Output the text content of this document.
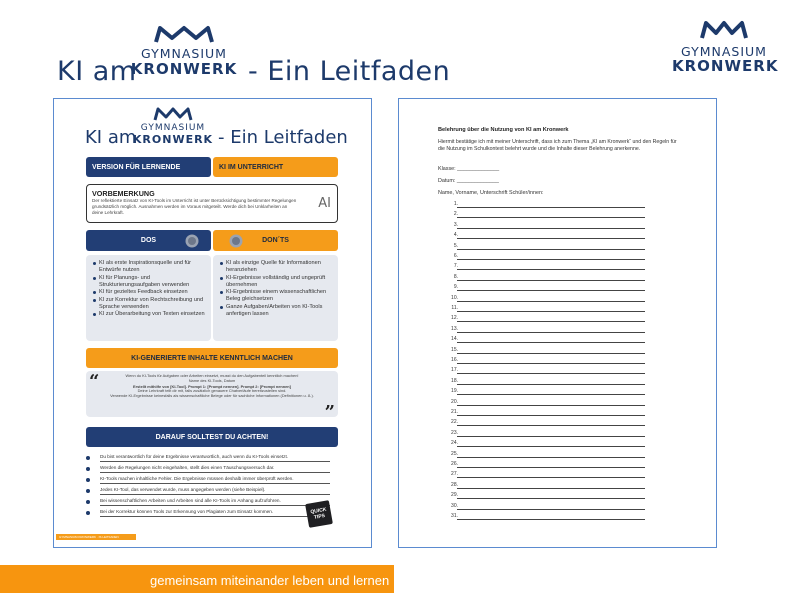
KI am
GYMNASIUM
KRONWERK - Ein Leitfaden
GYMNASIUM
KRONWERK
KI am GYMNASIUM
KRONWERK - Ein Leitfaden
VERSION FÜR LERNENDE	KI IM UNTERRICHT
VORBEMERKUNG
Der reflektierte Einsatz von KI-Tools im Unterricht ist unter Berücksichtigung bestimmter Regelungen grundsätzlich möglich. Ausnahmen werden im Voraus mitgeteilt. Werde dich bei Unklarheiten an deine Lehrkraft.
AI
DOS	DON´TS
KI als erste Inspirationsquelle und für Entwürfe nutzen
KI für Planungs- und Strukturierungsaufgaben verwenden
KI für gezieltes Feedback einsetzen
KI zur Korrektur von Rechtschreibung und Sprache verwenden
KI zur Überarbeitung von Texten einsetzen
KI als einzige Quelle für Informationen heranziehen
KI-Ergebnisse vollständig und ungeprüft übernehmen
KI-Ergebnisse einem wissenschaftlichen Beleg gleichsetzen
Ganze Aufgaben/Arbeiten von KI-Tools anfertigen lassen
KI-GENERIERTE INHALTE KENNTLICH MACHEN
“
”
Wenn du KI-Tools für Aufgaben oder Arbeiten einsetzt, musst du den Aufgabenteil kenntlich machen!
Name des KI-Tools, Datum
Erstellt mithilfe von [KI-Tool]. Prompt 1: [Prompt nennen]. Prompt 2: [Prompt nennen]
Deine Lehrkraft teilt dir mit, falls zusätzlich genauere Chatverläufe bereitzustellen sind.
Verwende KI-Ergebnisse keinesfalls als wissenschaftliche Belege oder für sachliche Informationen (Definitionen u. Ä.).
DARAUF SOLLTEST DU ACHTEN!
Du bist verantwortlich für deine Ergebnisse verantwortlich, auch wenn du KI-Tools einsetzt.
Werden die Regelungen nicht eingehalten, stellt dies einen Täuschungsversuch dar.
KI-Tools machen inhaltliche Fehler. Die Ergebnisse müssen deshalb immer überprüft werden.
Jedes KI-Tool, das verwendet wurde, muss angegeben werden (siehe Beispiel).
Bei wissenschaftlichen Arbeiten und Arbeiten sind alle KI-Tools im Anhang aufzuführen.
Bei der Korrektur können Tools zur Erkennung von Plagiaten zum Einsatz kommen.	QUICK TIPS
GYMNASIUM KRONWERK · IS LEITFADEN
Belehrung über die Nutzung von KI am Kronwerk
Hiermit bestätige ich mit meiner Unterschrift, dass ich zum Thema „KI am Kronwerk“ und den Regeln für die Nutzung im Schulkontext belehrt wurde und die Inhalte dieser Belehrung anerkenne.
Klasse: ______________
Datum: ______________
Name, Vorname, Unterschrift Schüler/innen:
1.
2.
3.
4.
5.
6.
7.
8.
9.
10.
11.
12.
13.
14.
15.
16.
17.
18.
19.
20.
21.
22.
23.
24.
25.
26.
27.
28.
29.
30.
31.
gemeinsam miteinander leben und lernen
